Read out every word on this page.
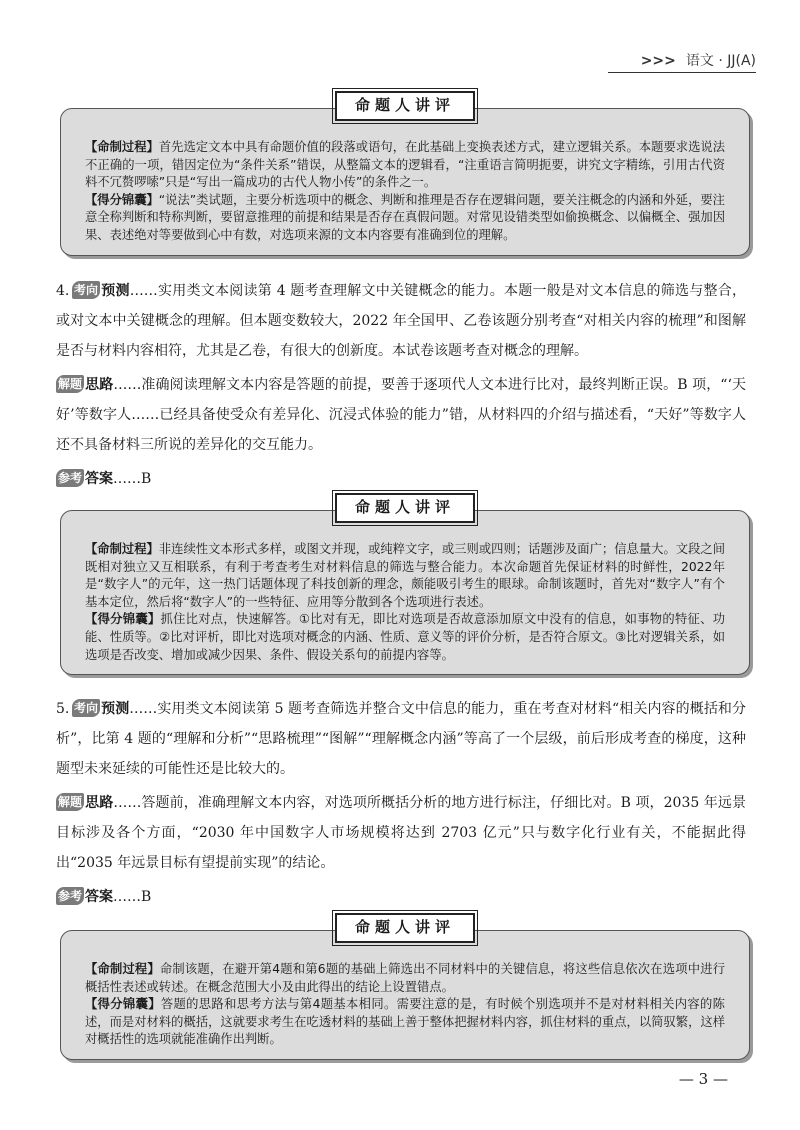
>>> 语文 · JJ(A)
命题人讲评

【命制过程】首先选定文本中具有命题价值的段落或语句，在此基础上变换表述方式，建立逻辑关系。本题要求选说法不正确的一项，错因定位为“条件关系”错误，从整篇文本的逻辑看，“注重语言简明扼要，讲究文字精练，引用古代资料不冗赘啰嗦”只是“写出一篇成功的古代人物小传”的条件之一。

【得分锦囊】“说法”类试题，主要分析选项中的概念、判断和推理是否存在逻辑问题，要关注概念的内涵和外延，要注意全称判断和特称判断，要留意推理的前提和结果是否存在真假问题。对常见设错类型如偷换概念、以偏概全、强加因果、表述绝对等要做到心中有数，对选项来源的文本内容要有准确到位的理解。

4. 考向 预测……实用类文本阅读第 4 题考查理解文中关键概念的能力。本题一般是对文本信息的筛选与整合，或对文本中关键概念的理解。但本题变数较大，2022 年全国甲、乙卷该题分别考查“对相关内容的梳理”和图解是否与材料内容相符，尤其是乙卷，有很大的创新度。本试卷该题考查对概念的理解。

解题 思路……准确阅读理解文本内容是答题的前提，要善于逐项代人文本进行比对，最终判断正误。B 项，“‘天好’等数字人……已经具备使受众有差异化、沉浸式体验的能力”错，从材料四的介绍与描述看，“天好”等数字人还不具备材料三所说的差异化的交互能力。

参考 答案……B

命题人讲评

【命制过程】非连续性文本形式多样，或图文并现，或纯粹文字，或三则或四则；话题涉及面广；信息量大。文段之间既相对独立又互相联系，有利于考查考生对材料信息的筛选与整合能力。本次命题首先保证材料的时鲜性，2022年是“数字人”的元年，这一热门话题体现了科技创新的理念，颇能吸引考生的眼球。命制该题时，首先对“数字人”有个基本定位，然后将“数字人”的一些特征、应用等分散到各个选项进行表述。

【得分锦囊】抓住比对点，快速解答。①比对有无，即比对选项是否故意添加原文中没有的信息，如事物的特征、功能、性质等。②比对评析，即比对选项对概念的内涵、性质、意义等的评价分析，是否符合原文。③比对逻辑关系，如选项是否改变、增加或减少因果、条件、假设关系句的前提内容等。

5. 考向 预测……实用类文本阅读第 5 题考查筛选并整合文中信息的能力，重在考查对材料“相关内容的概括和分析”，比第 4 题的“理解和分析”“思路梳理”“图解”“理解概念内涵”等高了一个层级，前后形成考查的梯度，这种题型未来延续的可能性还是比较大的。

解题 思路……答题前，准确理解文本内容，对选项所概括分析的地方进行标注，仔细比对。B 项，2035 年远景目标涉及各个方面，“2030 年中国数字人市场规模将达到 2703 亿元”只与数字化行业有关，不能据此得出“2035 年远景目标有望提前实现”的结论。

参考 答案……B

命题人讲评

【命制过程】命制该题，在避开第4题和第6题的基础上筛选出不同材料中的关键信息，将这些信息依次在选项中进行概括性表述或转述。在概念范围大小及由此得出的结论上设置错点。

【得分锦囊】答题的思路和思考方法与第4题基本相同。需要注意的是，有时候个别选项并不是对材料相关内容的陈述，而是对材料的概括，这就要求考生在吃透材料的基础上善于整体把握材料内容，抓住材料的重点，以简驭繁，这样对概括性的选项就能准确作出判断。

— 3 —
